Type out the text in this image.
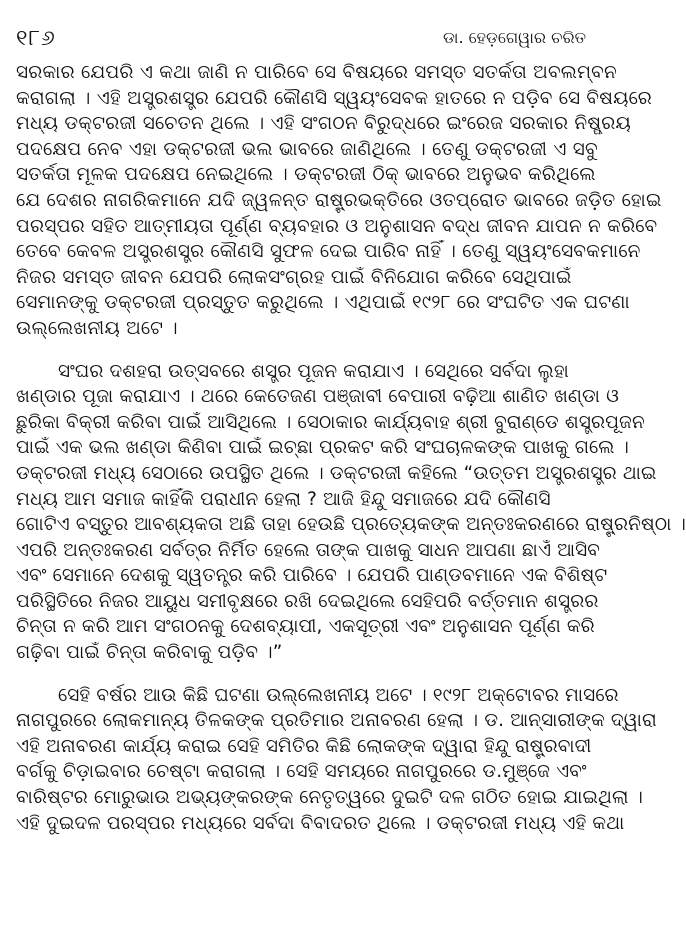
୧୮୬	ଡା. ହେଡ଼ଗେୱାର ଚରିତ
ସରକାର ଯେପରି ଏ କଥା ଜାଣି ନ ପାରିବେ ସେ ବିଷୟରେ ସମସ୍ତ ସତର୍କତା ଅବଲମ୍ବନ
କରାଗଲା । ଏହି ଅସ୍ତ୍ରଶସ୍ତ୍ର ଯେପରି କୌଣସି ସ୍ୱୟଂସେବକ ହାତରେ ନ ପଡ଼ିବ ସେ ବିଷୟରେ
ମଧ୍ୟ ଡକ୍ଟରଜୀ ସଚେତନ ଥିଲେ । ଏହି ସଂଗଠନ ବିରୁଦ୍ଧରେ ଇଂରେଜ ସରକାର ନିଷ୍ପ୍ରୟ
ପଦକ୍ଷେପ ନେବ ଏହା ଡକ୍ଟରଜୀ ଭଲ ଭାବରେ ଜାଣିଥିଲେ । ତେଣୁ ଡକ୍ଟରଜୀ ଏ ସବୁ
ସତର୍କତା ମୂଳକ ପଦକ୍ଷେପ ନେଇଥିଲେ । ଡକ୍ଟରଜୀ ଠିକ୍ ଭାବରେ ଅନୁଭବ କରିଥିଲେ
ଯେ ଦେଶର ନାଗରିକମାନେ ଯଦି ଜ୍ୱଳନ୍ତ ରାଷ୍ଟ୍ରଭକ୍ତିରେ ଓତପ୍ରୋତ ଭାବରେ ଜଡ଼ିତ ହୋଇ
ପରସ୍ପର ସହିତ ଆତ୍ମୀୟତା ପୂର୍ଣ୍ଣ ବ୍ୟବହାର ଓ ଅନୁଶାସନ ବଦ୍ଧ ଜୀବନ ଯାପନ ନ କରିବେ
ତେବେ କେବଳ ଅସ୍ତ୍ରଶସ୍ତ୍ର କୌଣସି ସୁଫଳ ଦେଇ ପାରିବ ନାହିଁ । ତେଣୁ ସ୍ୱୟଂସେବକମାନେ
ନିଜର ସମସ୍ତ ଜୀବନ ଯେପରି ଲୋକସଂଗ୍ରହ ପାଇଁ ବିନିଯୋଗ କରିବେ ସେଥିପାଇଁ
ସେମାନଙ୍କୁ ଡକ୍ଟରଜୀ ପ୍ରସ୍ତୁତ କରୁଥିଲେ । ଏଥିପାଇଁ ୧୯୨୮ ରେ ସଂଘଟିତ ଏକ ଘଟଣା
ଉଲ୍ଲେଖନୀୟ ଅଟେ ।
ସଂଘର ଦଶହରା ଉତ୍ସବରେ ଶସ୍ତ୍ର ପୂଜନ କରାଯାଏ । ସେଥିରେ ସର୍ବଦା ଲୁହା
ଖଣ୍ଡାର ପୂଜା କରାଯାଏ । ଥରେ କେତେଜଣ ପଞ୍ଜାବୀ ବେପାରୀ ବଢ଼ିଆ ଶାଣିତ ଖଣ୍ଡା ଓ
ଛୁରିକା ବିକ୍ରୀ କରିବା ପାଇଁ ଆସିଥିଲେ । ସେଠାକାର କାର୍ଯ୍ୟବାହ ଶ୍ରୀ ବୁରାଣ୍ଡେ ଶସ୍ତ୍ରପୂଜନ
ପାଇଁ ଏକ ଭଲ ଖଣ୍ଡା କିଣିବା ପାଇଁ ଇଚ୍ଛା ପ୍ରକଟ କରି ସଂଘଚାଳକଙ୍କ ପାଖକୁ ଗଲେ ।
ଡକ୍ଟରଜୀ ମଧ୍ୟ ସେଠାରେ ଉପସ୍ଥିତ ଥିଲେ । ଡକ୍ଟରଜୀ କହିଲେ “ଉତ୍ତମ ଅସ୍ତ୍ରଶସ୍ତ୍ର ଥାଇ
ମଧ୍ୟ ଆମ ସମାଜ କାହିଁକି ପରାଧୀନ ହେଲା ? ଆଜି ହିନ୍ଦୁ ସମାଜରେ ଯଦି କୌଣସି
ଗୋଟିଏ ବସ୍ତୁର ଆବଶ୍ୟକତା ଅଛି ତାହା ହେଉଛି ପ୍ରତ୍ୟେକଙ୍କ ଅନ୍ତଃକରଣରେ ରାଷ୍ଟ୍ରନିଷ୍ଠା ।
ଏପରି ଅନ୍ତଃକରଣ ସର୍ବତ୍ର ନିର୍ମିତ ହେଲେ ତାଙ୍କ ପାଖକୁ ସାଧନ ଆପଣା ଛାଏଁ ଆସିବ
ଏବଂ ସେମାନେ ଦେଶକୁ ସ୍ୱତନ୍ତ୍ର କରି ପାରିବେ । ଯେପରି ପାଣ୍ଡବମାନେ ଏକ ବିଶିଷ୍ଟ
ପରିସ୍ଥିତିରେ ନିଜର ଆୟୁଧ ସମୀବୃକ୍ଷରେ ରଖି ଦେଇଥିଲେ ସେହିପରି ବର୍ତ୍ତମାନ ଶସ୍ତ୍ରର
ଚିନ୍ତା ନ କରି ଆମ ସଂଗଠନକୁ ଦେଶବ୍ୟାପୀ, ଏକସୂତ୍ରୀ ଏବଂ ଅନୁଶାସନ ପୂର୍ଣ୍ଣ କରି
ଗଢ଼ିବା ପାଇଁ ଚିନ୍ତା କରିବାକୁ ପଡ଼ିବ ।”
ସେହି ବର୍ଷର ଆଉ କିଛି ଘଟଣା ଉଲ୍ଲେଖନୀୟ ଅଟେ । ୧୯୨୮ ଅକ୍ଟୋବର ମାସରେ
ନାଗପୁରରେ ଲୋକମାନ୍ୟ ତିଳକଙ୍କ ପ୍ରତିମାର ଅନାବରଣ ହେଲା । ଡ. ଆନ୍ସାରୀଙ୍କ ଦ୍ୱାରା
ଏହି ଅନାବରଣ କାର୍ଯ୍ୟ କରାଇ ସେହି ସମିତିର କିଛି ଲୋକଙ୍କ ଦ୍ୱାରା ହିନ୍ଦୁ ରାଷ୍ଟ୍ରବାଦୀ
ବର୍ଗକୁ ଚିଡ଼ାଇବାର ଚେଷ୍ଟା କରାଗଲା । ସେହି ସମୟରେ ନାଗପୁରରେ ଡ.ମୁଞ୍ଜେ ଏବଂ
ବାରିଷ୍ଟର ମୋରୁଭାଉ ଅଭ୍ୟଙ୍କରଙ୍କ ନେତୃତ୍ୱରେ ଦୁଇଟି ଦଳ ଗଠିତ ହୋଇ ଯାଇଥିଲା ।
ଏହି ଦୁଇଦଳ ପରସ୍ପର ମଧ୍ୟରେ ସର୍ବଦା ବିବାଦରତ ଥିଲେ । ଡକ୍ଟରଜୀ ମଧ୍ୟ ଏହି କଥା
